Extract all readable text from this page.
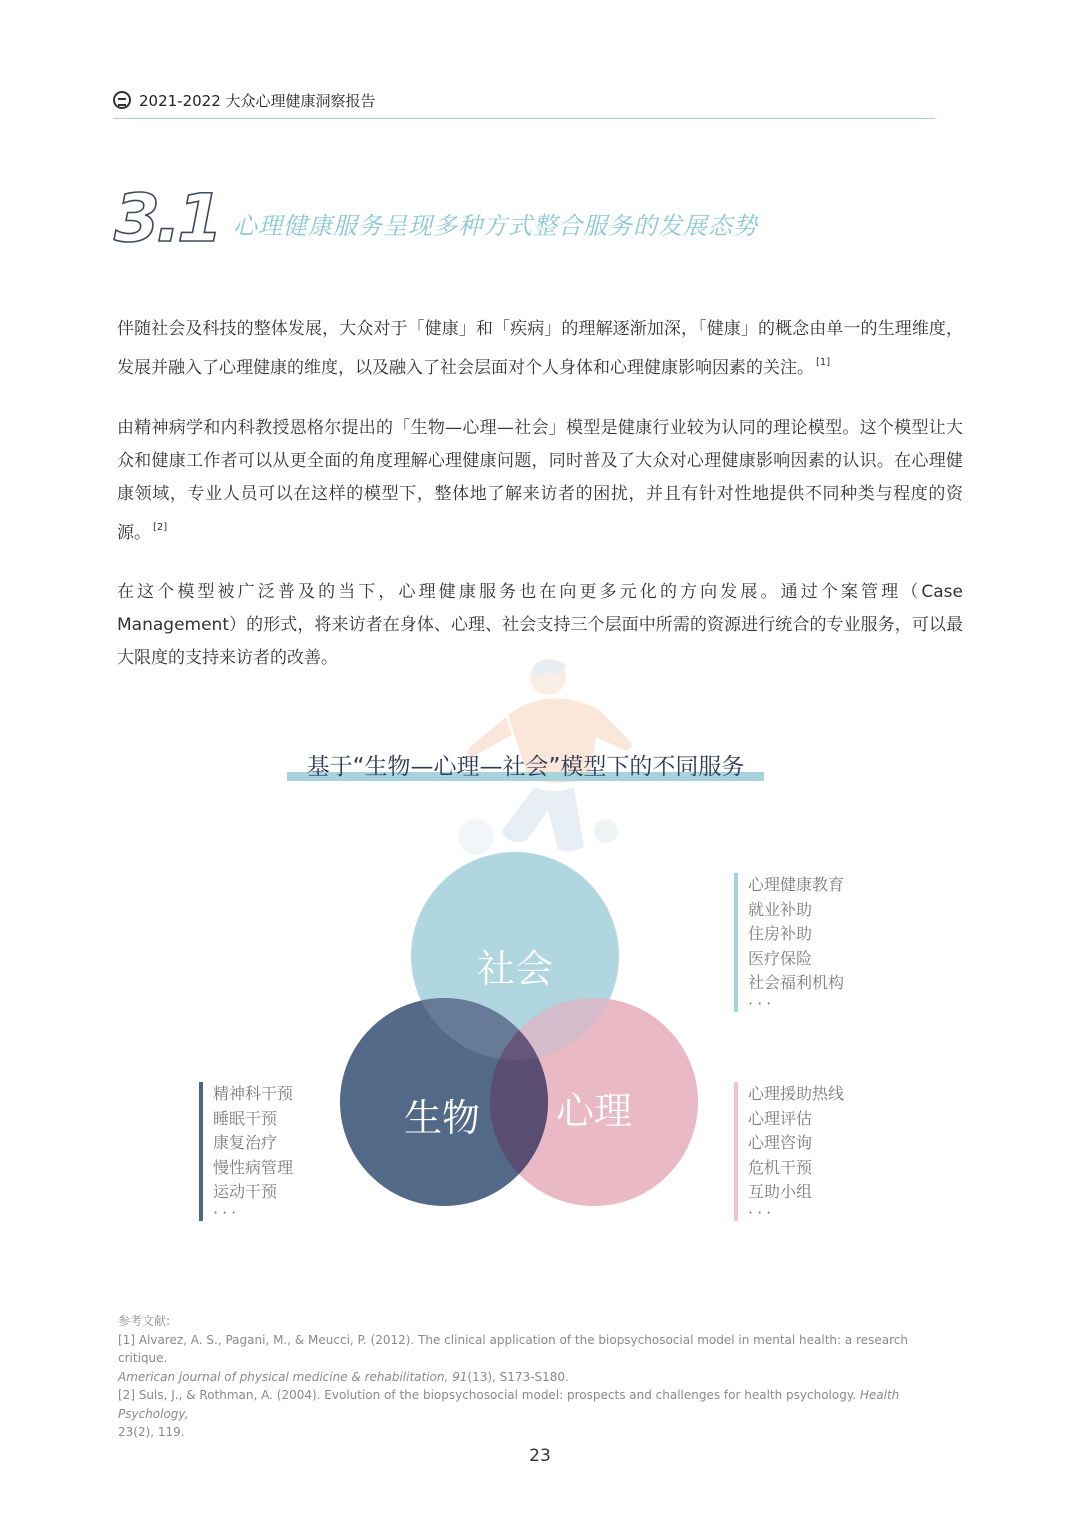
2021-2022 大众心理健康洞察报告
3.1 心理健康服务呈现多种方式整合服务的发展态势
伴随社会及科技的整体发展，大众对于「健康」和「疾病」的理解逐渐加深，「健康」的概念由单一的生理维度，发展并融入了心理健康的维度，以及融入了社会层面对个人身体和心理健康影响因素的关注。 [1]
由精神病学和内科教授恩格尔提出的「生物—心理—社会」模型是健康行业较为认同的理论模型。这个模型让大众和健康工作者可以从更全面的角度理解心理健康问题，同时普及了大众对心理健康影响因素的认识。在心理健康领域，专业人员可以在这样的模型下，整体地了解来访者的困扰，并且有针对性地提供不同种类与程度的资源。 [2]
在这个模型被广泛普及的当下，心理健康服务也在向更多元化的方向发展。通过个案管理（Case Management）的形式，将来访者在身体、心理、社会支持三个层面中所需的资源进行统合的专业服务，可以最大限度的支持来访者的改善。
基于“生物—心理—社会”模型下的不同服务
社会
生物 心理
心理健康教育
就业补助
住房补助
医疗保险
社会福利机构
···
精神科干预
睡眠干预
康复治疗
慢性病管理
运动干预
···
心理援助热线
心理评估
心理咨询
危机干预
互助小组
···
参考文献:
[1] Alvarez, A. S., Pagani, M., & Meucci, P. (2012). The clinical application of the biopsychosocial model in mental health: a research critique.
American journal of physical medicine & rehabilitation, 91(13), S173-S180.
[2] Suls, J., & Rothman, A. (2004). Evolution of the biopsychosocial model: prospects and challenges for health psychology. Health Psychology,
23(2), 119.
23
